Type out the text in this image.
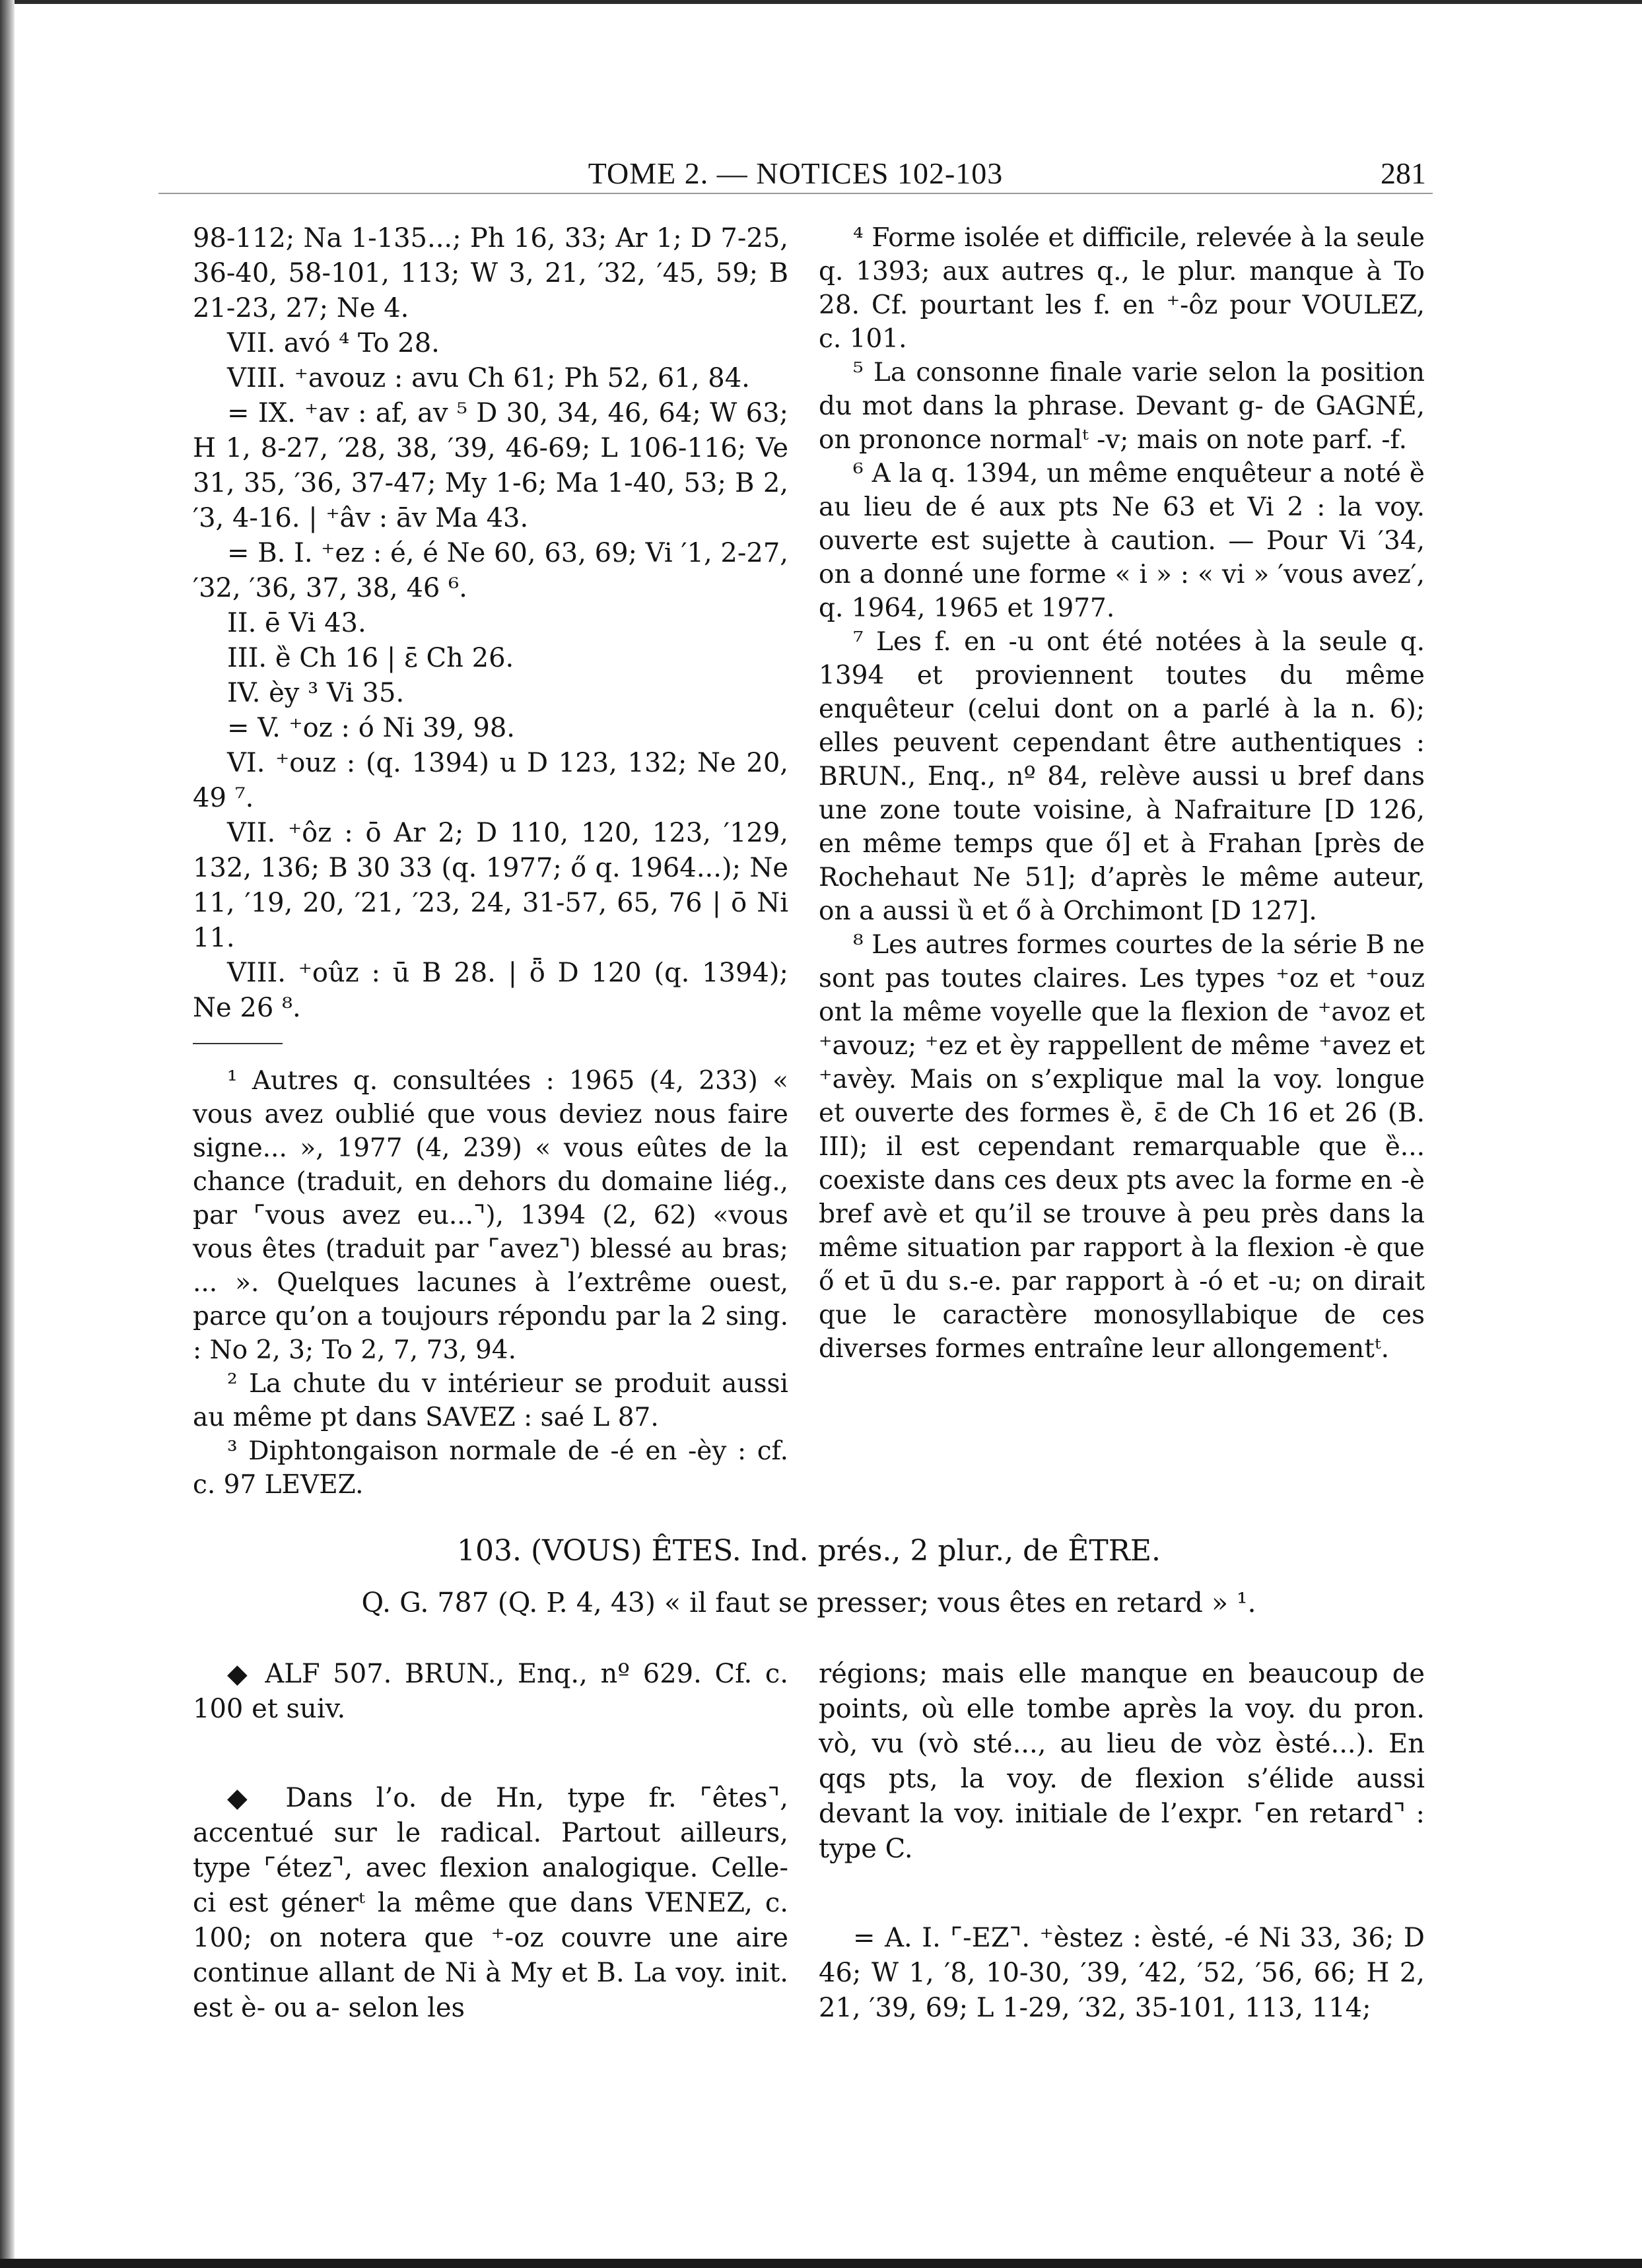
TOME 2. — NOTICES 102-103	281

98-112; Na 1-135...; Ph 16, 33; Ar 1; D 7-25, 36-40, 58-101, 113; W 3, 21, ′32, ′45, 59; B 21-23, 27; Ne 4.

VII. avó ⁴ To 28.

VIII. ⁺avouz : avu Ch 61; Ph 52, 61, 84.

= IX. ⁺av : af, av ⁵ D 30, 34, 46, 64; W 63; H 1, 8-27, ′28, 38, ′39, 46-69; L 106-116; Ve 31, 35, ′36, 37-47; My 1-6; Ma 1-40, 53; B 2, ′3, 4-16. | ⁺âv : āv Ma 43.

= B. I. ⁺ez : é, é Ne 60, 63, 69; Vi ′1, 2-27, ′32, ′36, 37, 38, 46 ⁶.

II. ē Vi 43.

III. ȅ Ch 16 | ε̄ Ch 26.

IV. èy ³ Vi 35.

= V. ⁺oz : ó Ni 39, 98.

VI. ⁺ouz : (q. 1394) u D 123, 132; Ne 20, 49 ⁷.

VII. ⁺ôz : ō Ar 2; D 110, 120, 123, ′129, 132, 136; B 30 33 (q. 1977; ő q. 1964...); Ne 11, ′19, 20, ′21, ′23, 24, 31-57, 65, 76 | ō Ni 11.

VIII. ⁺oûz : ū B 28. | ȫ D 120 (q. 1394); Ne 26 ⁸.

¹ Autres q. consultées : 1965 (4, 233) « vous avez oublié que vous deviez nous faire signe... », 1977 (4, 239) « vous eûtes de la chance (traduit, en dehors du domaine liég., par ⌜vous avez eu...⌝), 1394 (2, 62) «vous vous êtes (traduit par ⌜avez⌝) blessé au bras; ... ». Quelques lacunes à l’extrême ouest, parce qu’on a toujours répondu par la 2 sing. : No 2, 3; To 2, 7, 73, 94.

² La chute du v intérieur se produit aussi au même pt dans SAVEZ : saé L 87.

³ Diphtongaison normale de -é en -èy : cf. c. 97 LEVEZ.

⁴ Forme isolée et difficile, relevée à la seule q. 1393; aux autres q., le plur. manque à To 28. Cf. pourtant les f. en ⁺-ôz pour VOULEZ, c. 101.

⁵ La consonne finale varie selon la position du mot dans la phrase. Devant g- de GAGNÉ, on prononce normalᵗ -v; mais on note parf. -f.

⁶ A la q. 1394, un même enquêteur a noté ȅ au lieu de é aux pts Ne 63 et Vi 2 : la voy. ouverte est sujette à caution. — Pour Vi ′34, on a donné une forme « i » : « vi » ′vous avez′, q. 1964, 1965 et 1977.

⁷ Les f. en -u ont été notées à la seule q. 1394 et proviennent toutes du même enquêteur (celui dont on a parlé à la n. 6); elles peuvent cependant être authentiques : BRUN., Enq., nº 84, relève aussi u bref dans une zone toute voisine, à Nafraiture [D 126, en même temps que ő] et à Frahan [près de Rochehaut Ne 51]; d’après le même auteur, on a aussi ȕ et ő à Orchimont [D 127].

⁸ Les autres formes courtes de la série B ne sont pas toutes claires. Les types ⁺oz et ⁺ouz ont la même voyelle que la flexion de ⁺avoz et ⁺avouz; ⁺ez et èy rappellent de même ⁺avez et ⁺avèy. Mais on s’explique mal la voy. longue et ouverte des formes ȅ, ε̄ de Ch 16 et 26 (B. III); il est cependant remarquable que ȅ... coexiste dans ces deux pts avec la forme en -è bref avè et qu’il se trouve à peu près dans la même situation par rapport à la flexion -è que ő et ū du s.-e. par rapport à -ó et -u; on dirait que le caractère monosyllabique de ces diverses formes entraîne leur allongementᵗ.

103. (VOUS) ÊTES. Ind. prés., 2 plur., de ÊTRE.
Q. G. 787 (Q. P. 4, 43) « il faut se presser; vous êtes en retard » ¹.

◆ ALF 507. BRUN., Enq., nº 629. Cf. c. 100 et suiv.

◆ Dans l’o. de Hn, type fr. ⌜êtes⌝, accentué sur le radical. Partout ailleurs, type ⌜étez⌝, avec flexion analogique. Celle-ci est génerᵗ la même que dans VENEZ, c. 100; on notera que ⁺-oz couvre une aire continue allant de Ni à My et B. La voy. init. est è- ou a- selon les

régions; mais elle manque en beaucoup de points, où elle tombe après la voy. du pron. vò, vu (vò sté..., au lieu de vòz èsté...). En qqs pts, la voy. de flexion s’élide aussi devant la voy. initiale de l’expr. ⌜en retard⌝ : type C.

= A. I. ⌜-EZ⌝. ⁺èstez : èsté, -é Ni 33, 36; D 46; W 1, ′8, 10-30, ′39, ′42, ′52, ′56, 66; H 2, 21, ′39, 69; L 1-29, ′32, 35-101, 113, 114;
